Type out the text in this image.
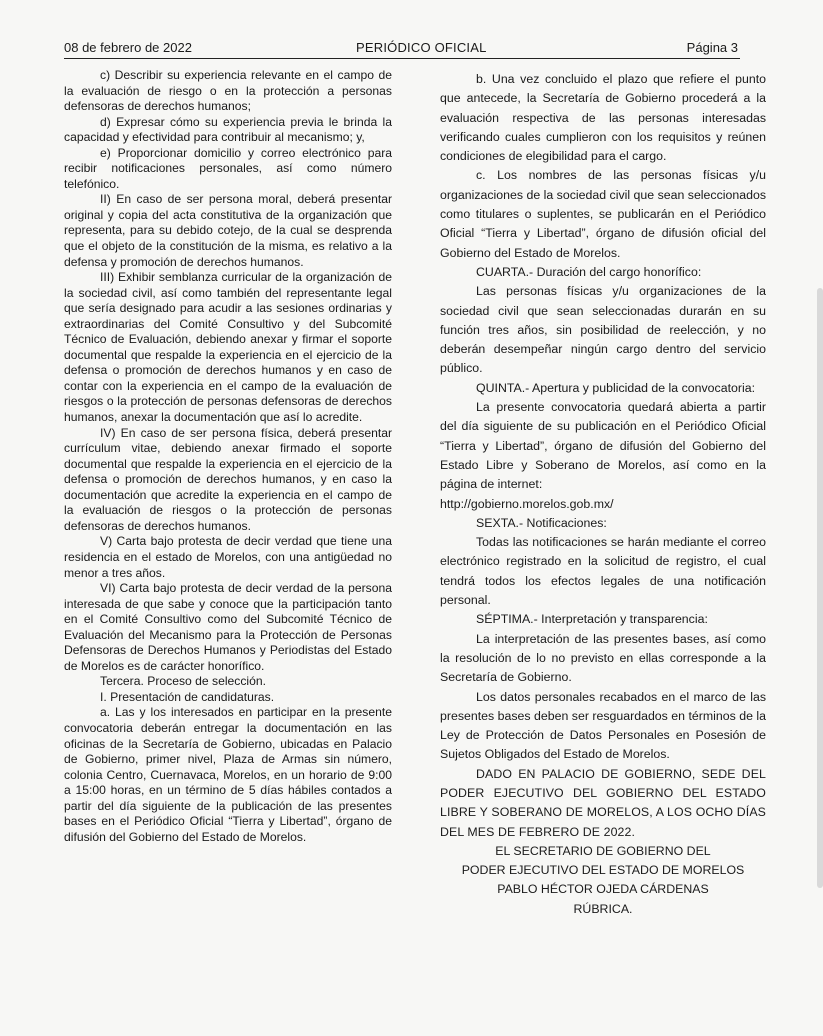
08 de febrero de 2022	PERIÓDICO OFICIAL	Página 3

c) Describir su experiencia relevante en el campo de la evaluación de riesgo o en la protección a personas defensoras de derechos humanos;

d) Expresar cómo su experiencia previa le brinda la capacidad y efectividad para contribuir al mecanismo; y,

e) Proporcionar domicilio y correo electrónico para recibir notificaciones personales, así como número telefónico.

II) En caso de ser persona moral, deberá presentar original y copia del acta constitutiva de la organización que representa, para su debido cotejo, de la cual se desprenda que el objeto de la constitución de la misma, es relativo a la defensa y promoción de derechos humanos.

III) Exhibir semblanza curricular de la organización de la sociedad civil, así como también del representante legal que sería designado para acudir a las sesiones ordinarias y extraordinarias del Comité Consultivo y del Subcomité Técnico de Evaluación, debiendo anexar y firmar el soporte documental que respalde la experiencia en el ejercicio de la defensa o promoción de derechos humanos y en caso de contar con la experiencia en el campo de la evaluación de riesgos o la protección de personas defensoras de derechos humanos, anexar la documentación que así lo acredite.

IV) En caso de ser persona física, deberá presentar currículum vitae, debiendo anexar firmado el soporte documental que respalde la experiencia en el ejercicio de la defensa o promoción de derechos humanos, y en caso la documentación que acredite la experiencia en el campo de la evaluación de riesgos o la protección de personas defensoras de derechos humanos.

V) Carta bajo protesta de decir verdad que tiene una residencia en el estado de Morelos, con una antigüedad no menor a tres años.

VI) Carta bajo protesta de decir verdad de la persona interesada de que sabe y conoce que la participación tanto en el Comité Consultivo como del Subcomité Técnico de Evaluación del Mecanismo para la Protección de Personas Defensoras de Derechos Humanos y Periodistas del Estado de Morelos es de carácter honorífico.

Tercera. Proceso de selección.

I. Presentación de candidaturas.

a. Las y los interesados en participar en la presente convocatoria deberán entregar la documentación en las oficinas de la Secretaría de Gobierno, ubicadas en Palacio de Gobierno, primer nivel, Plaza de Armas sin número, colonia Centro, Cuernavaca, Morelos, en un horario de 9:00 a 15:00 horas, en un término de 5 días hábiles contados a partir del día siguiente de la publicación de las presentes bases en el Periódico Oficial “Tierra y Libertad”, órgano de difusión del Gobierno del Estado de Morelos.

b. Una vez concluido el plazo que refiere el punto que antecede, la Secretaría de Gobierno procederá a la evaluación respectiva de las personas interesadas verificando cuales cumplieron con los requisitos y reúnen condiciones de elegibilidad para el cargo.

c. Los nombres de las personas físicas y/u organizaciones de la sociedad civil que sean seleccionados como titulares o suplentes, se publicarán en el Periódico Oficial “Tierra y Libertad”, órgano de difusión oficial del Gobierno del Estado de Morelos.

CUARTA.- Duración del cargo honorífico:

Las personas físicas y/u organizaciones de la sociedad civil que sean seleccionadas durarán en su función tres años, sin posibilidad de reelección, y no deberán desempeñar ningún cargo dentro del servicio público.

QUINTA.- Apertura y publicidad de la convocatoria:

La presente convocatoria quedará abierta a partir del día siguiente de su publicación en el Periódico Oficial “Tierra y Libertad”, órgano de difusión del Gobierno del Estado Libre y Soberano de Morelos, así como en la página de internet:

http://gobierno.morelos.gob.mx/

SEXTA.- Notificaciones:

Todas las notificaciones se harán mediante el correo electrónico registrado en la solicitud de registro, el cual tendrá todos los efectos legales de una notificación personal.

SÉPTIMA.- Interpretación y transparencia:

La interpretación de las presentes bases, así como la resolución de lo no previsto en ellas corresponde a la Secretaría de Gobierno.

Los datos personales recabados en el marco de las presentes bases deben ser resguardados en términos de la Ley de Protección de Datos Personales en Posesión de Sujetos Obligados del Estado de Morelos.

DADO EN PALACIO DE GOBIERNO, SEDE DEL PODER EJECUTIVO DEL GOBIERNO DEL ESTADO LIBRE Y SOBERANO DE MORELOS, A LOS OCHO DÍAS DEL MES DE FEBRERO DE 2022.

EL SECRETARIO DE GOBIERNO DEL

PODER EJECUTIVO DEL ESTADO DE MORELOS

PABLO HÉCTOR OJEDA CÁRDENAS

RÚBRICA.
